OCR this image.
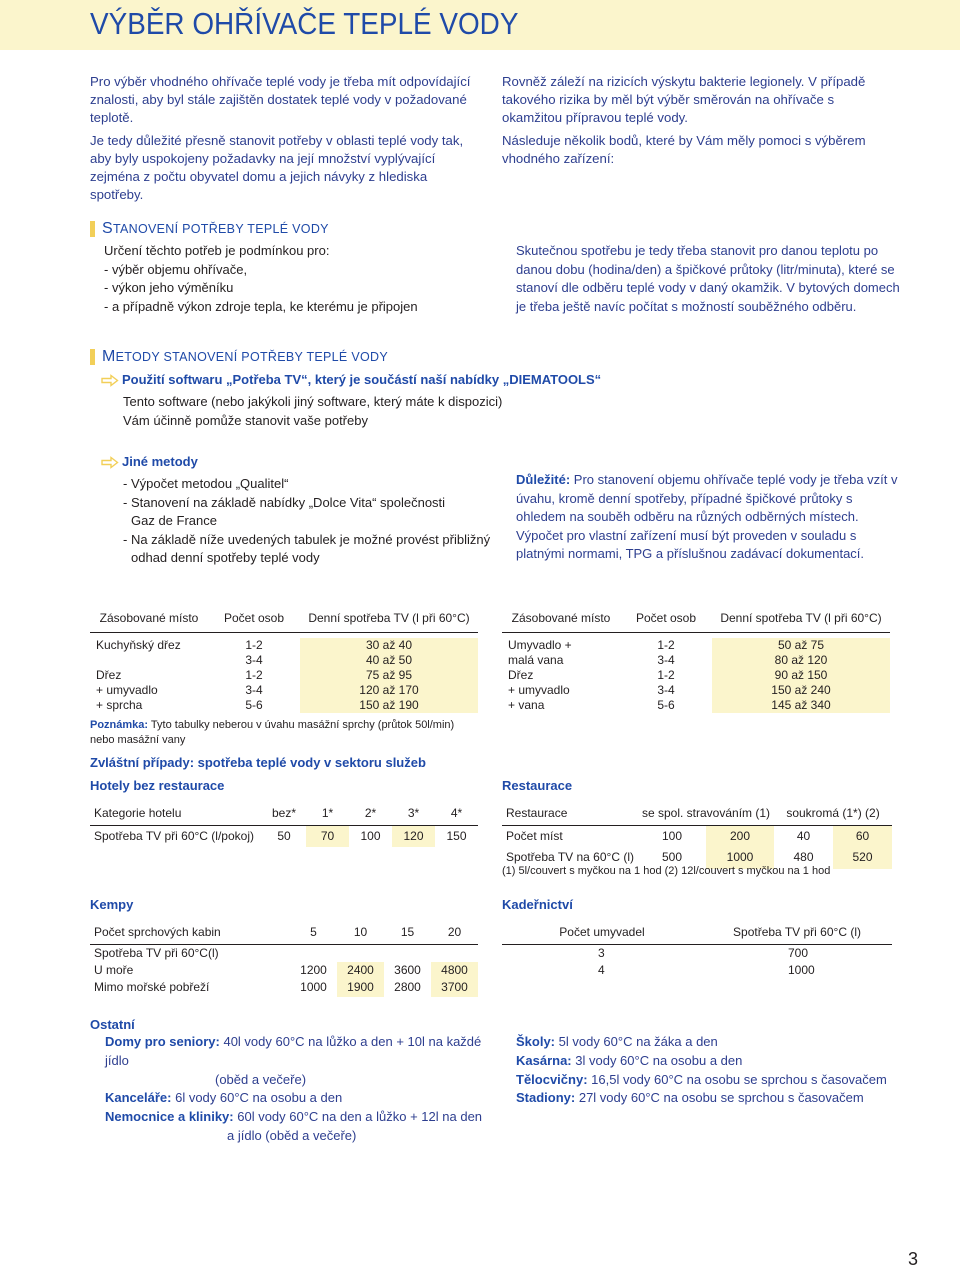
VÝBĚR OHŘÍVAČE TEPLÉ VODY

Pro výběr vhodného ohřívače teplé vody je třeba mít odpovídající znalosti, aby byl stále zajištěn dostatek teplé vody v požadované teplotě.

Je tedy důležité přesně stanovit potřeby v oblasti teplé vody tak, aby byly uspokojeny požadavky na její množství vyplývající zejména z počtu obyvatel domu a jejich návyky z hlediska spotřeby.

Rovněž záleží na rizicích výskytu bakterie legionely. V případě takového rizika by měl být výběr směrován na ohřívače s okamžitou přípravou teplé vody.

Následuje několik bodů, které by Vám měly pomoci s výběrem vhodného zařízení:

STANOVENÍ POTŘEBY TEPLÉ VODY
Určení těchto potřeb je podmínkou pro:
- výběr objemu ohřívače,
- výkon jeho výměníku
- a případně výkon zdroje tepla, ke kterému je připojen
Skutečnou spotřebu je tedy třeba stanovit pro danou teplotu po danou dobu (hodina/den) a špičkové průtoky (litr/minuta), které se stanoví dle odběru teplé vody v daný okamžik. V bytových domech je třeba ještě navíc počítat s možností souběžného odběru.
METODY STANOVENÍ POTŘEBY TEPLÉ VODY
Použití softwaru „Potřeba TV“, který je součástí naší nabídky „DIEMATOOLS“
Tento software (nebo jakýkoli jiný software, který máte k dispozici)
Vám účinně pomůže stanovit vaše potřeby
Jiné metody
- Výpočet metodou „Qualitel“
- Stanovení na základě nabídky „Dolce Vita“ společnosti
Gaz de France
- Na základě níže uvedených tabulek je možné provést přibližný
odhad denní spotřeby teplé vody
Důležité: Pro stanovení objemu ohřívače teplé vody je třeba vzít v úvahu, kromě denní spotřeby, případné špičkové průtoky s ohledem na souběh odběru na různých odběrných místech.
Výpočet pro vlastní zařízení musí být proveden v souladu s platnými normami, TPG a příslušnou zadávací dokumentací.
Zásobované místo	Počet osob	Denní spotřeba TV (l při 60°C)
Kuchyňský dřez	1-2	30 až 40
	3-4	40 až 50
Dřez	1-2	75 až 95
+ umyvadlo	3-4	120 až 170
+ sprcha	5-6	150 až 190
Poznámka: Tyto tabulky neberou v úvahu masážní sprchy (průtok 50l/min) nebo masážní vany
Zásobované místo	Počet osob	Denní spotřeba TV (l při 60°C)
Umyvadlo +	1-2	50 až 75
malá vana	3-4	80 až 120
Dřez	1-2	90 až 150
+ umyvadlo	3-4	150 až 240
+ vana	5-6	145 až 340
Zvláštní případy: spotřeba teplé vody v sektoru služeb
Hotely bez restaurace	Restaurace
Kategorie hotelu	bez*	1*	2*	3*	4*
Spotřeba TV při 60°C (l/pokoj)	50	70	100	120	150
Restaurace	se spol. stravováním (1)		soukromá (1*) (2)	
Počet míst	100	200	40	60
Spotřeba TV na 60°C (l)	500	1000	480	520
(1) 5l/couvert s myčkou na 1 hod (2) 12l/couvert s myčkou na 1 hod
Kempy
Počet sprchových kabin	5	10	15	20
Spotřeba TV při 60°C(l)				
U moře	1200	2400	3600	4800
Mimo mořské pobřeží	1000	1900	2800	3700
Kadeřnictví
Počet umyvadel	Spotřeba TV při 60°C (l)
3	700
4	1000
Ostatní
Domy pro seniory: 40l vody 60°C na lůžko a den + 10l na každé jídlo
(oběd a večeře)
Kanceláře: 6l vody 60°C na osobu a den
Nemocnice a kliniky: 60l vody 60°C na den a lůžko + 12l na den
a jídlo (oběd a večeře)
Školy: 5l vody 60°C na žáka a den
Kasárna: 3l vody 60°C na osobu a den
Tělocvičny: 16,5l vody 60°C na osobu se sprchou s časovačem
Stadiony: 27l vody 60°C na osobu se sprchou s časovačem
3
